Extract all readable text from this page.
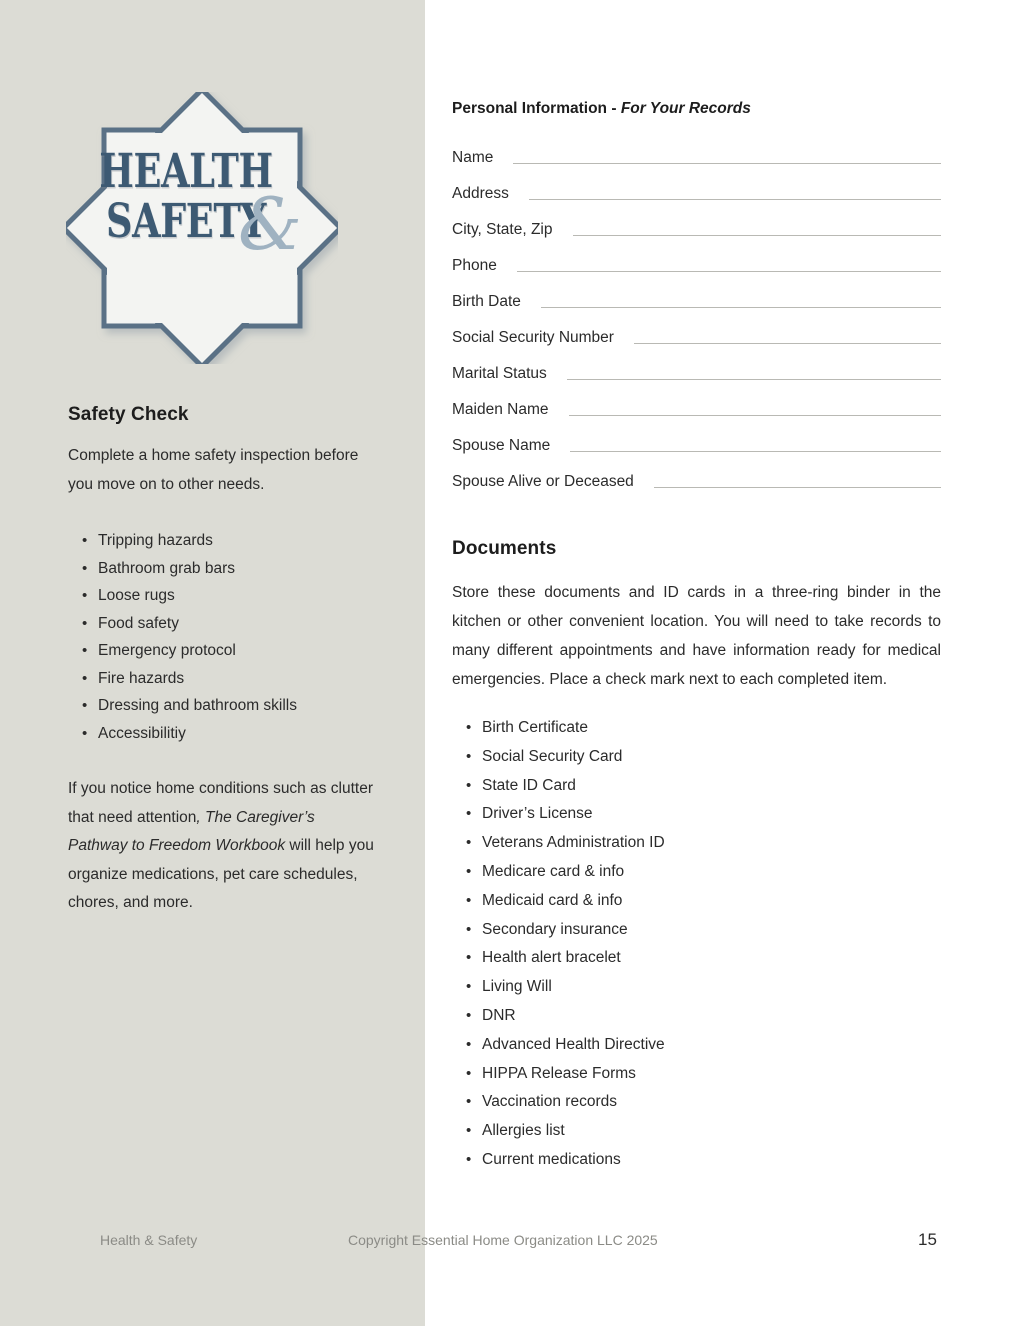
HEALTH
SAFETY
&
Safety Check

Complete a home safety inspection before you move on to other needs.

• Tripping hazards
• Bathroom grab bars
• Loose rugs
• Food safety
• Emergency protocol
• Fire hazards
• Dressing and bathroom skills
• Accessibilitiy

If you notice home conditions such as clutter that need attention, The Caregiver’s Pathway to Freedom Workbook will help you organize medications, pet care schedules, chores, and more.

Personal Information - For Your Records
Name
Address
City, State, Zip
Phone
Birth Date
Social Security Number
Marital Status
Maiden Name
Spouse Name
Spouse Alive or Deceased
Documents

Store these documents and ID cards in a three-ring binder in the kitchen or other convenient location. You will need to take records to many different appointments and have information ready for medical emergencies. Place a check mark next to each completed item.

• Birth Certificate
• Social Security Card
• State ID Card
• Driver’s License
• Veterans Administration ID
• Medicare card & info
• Medicaid card & info
• Secondary insurance
• Health alert bracelet
• Living Will
• DNR
• Advanced Health Directive
• HIPPA Release Forms
• Vaccination records
• Allergies list
• Current medications
Health & Safety	Copyright Essential Home Organization LLC 2025	15
